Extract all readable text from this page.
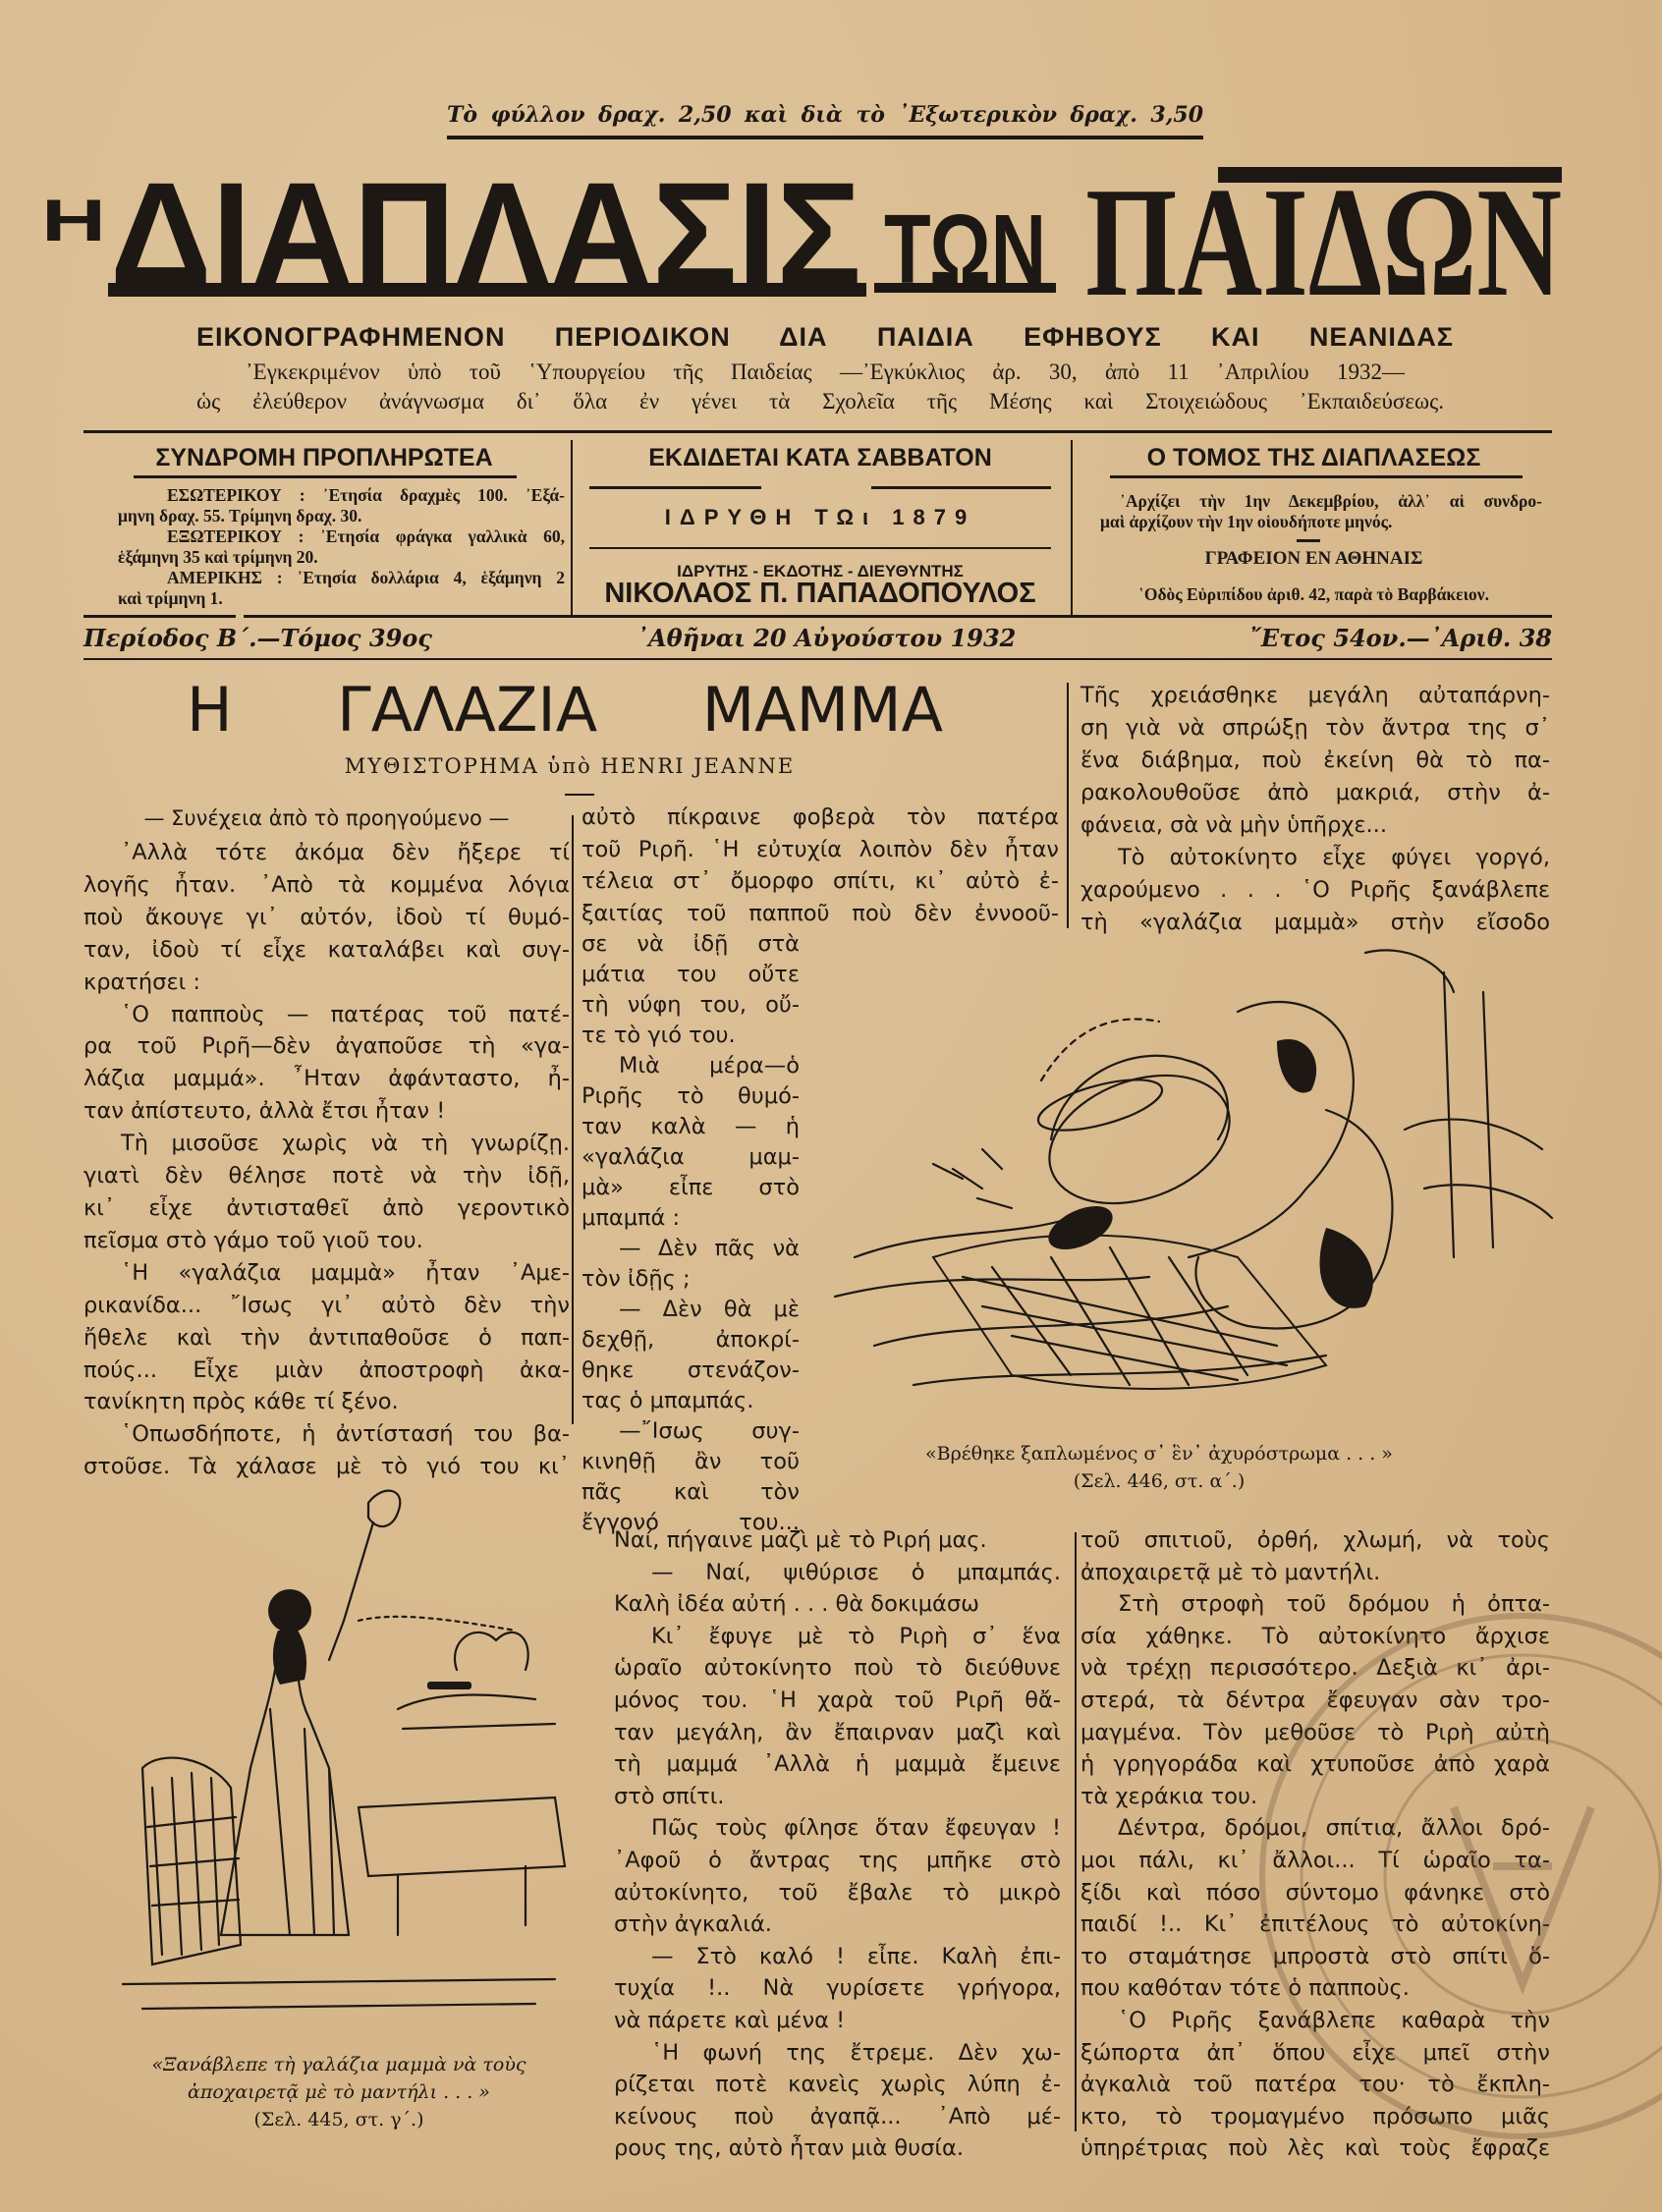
Τὸ φύλλον δραχ. 2,50 καὶ διὰ τὸ ᾿Εξωτερικὸν δραχ. 3,50
Η ΔΙΑΠΛΑΣΙΣ ΤΩΝ ΠΑΙΔΩΝ
ΕΙΚΟΝΟΓΡΑΦΗΜΕΝΟΝ ΠΕΡΙΟΔΙΚΟΝ ΔΙΑ ΠΑΙΔΙΑ ΕΦΗΒΟΥΣ ΚΑΙ ΝΕΑΝΙΔΑΣ
᾿Εγκεκριμένον ὑπὸ τοῦ ῾Υπουργείου τῆς Παιδείας —᾿Εγκύκλιος ἀρ. 30, ἀπὸ 11 ᾿Απριλίου 1932—
ὡς ἐλεύθερον ἀνάγνωσμα δι᾿ ὅλα ἐν γένει τὰ Σχολεῖα τῆς Μέσης καὶ Στοιχειώδους ᾿Εκπαιδεύσεως.
ΣΥΝΔΡΟΜΗ ΠΡΟΠΛΗΡΩΤΕΑ
ΕΣΩΤΕΡΙΚΟΥ : ᾿Ετησία δραχμὲς 100. ᾿Εξά-
μηνη δραχ. 55. Τρίμηνη δραχ. 30.
ΕΞΩΤΕΡΙΚΟΥ : ᾿Ετησία φράγκα γαλλικὰ 60,
ἑξάμηνη 35 καὶ τρίμηνη 20.
ΑΜΕΡΙΚΗΣ : ᾿Ετησία δολλάρια 4, ἑξάμηνη 2
καὶ τρίμηνη 1.
ΕΚΔΙΔΕΤΑΙ ΚΑΤΑ ΣΑΒΒΑΤΟΝ
ΙΔΡΥΘΗ ΤΩι 1879
ΙΔΡΥΤΗΣ - ΕΚΔΟΤΗΣ - ΔΙΕΥΘΥΝΤΗΣ
ΝΙΚΟΛΑΟΣ Π. ΠΑΠΑΔΟΠΟΥΛΟΣ
Ο ΤΟΜΟΣ ΤΗΣ ΔΙΑΠΛΑΣΕΩΣ
᾿Αρχίζει τὴν 1ην Δεκεμβρίου, ἀλλ᾿ αἱ συνδρο-
μαὶ ἀρχίζουν τὴν 1ην οἱουδήποτε μηνός.
ΓΡΑΦΕΙΟΝ ΕΝ ΑΘΗΝΑΙΣ
῾Οδὸς Εὐριπίδου ἀριθ. 42, παρὰ τὸ Βαρβάκειον.
Περίοδος Β΄.—Τόμος 39ος	᾿Αθῆναι 20 Αὐγούστου 1932	῎Ετος 54ον.—᾿Αριθ. 38
Η ΓΑΛΑΖΙΑ ΜΑΜΜΑ
ΜΥΘΙΣΤΟΡΗΜΑ ὑπὸ HENRI JEANNE
— Συνέχεια ἀπὸ τὸ προηγούμενο —
᾿Αλλὰ τότε ἀκόμα δὲν ἤξερε τί
λογῆς ἦταν. ᾿Απὸ τὰ κομμένα λόγια
ποὺ ἄκουγε γι᾿ αὐτόν, ἰδοὺ τί θυμό-
ταν, ἰδοὺ τί εἶχε καταλάβει καὶ συγ-
κρατήσει :
῾Ο παπποὺς — πατέρας τοῦ πατέ-
ρα τοῦ Ριρῆ—δὲν ἀγαποῦσε τὴ «γα-
λάζια μαμμά». ῏Ηταν ἀφάνταστο, ἦ-
ταν ἀπίστευτο, ἀλλὰ ἔτσι ἦταν !
Τὴ μισοῦσε χωρὶς νὰ τὴ γνωρίζῃ.
γιατὶ δὲν θέλησε ποτὲ νὰ τὴν ἰδῇ,
κι᾿ εἶχε ἀντισταθεῖ ἀπὸ γεροντικὸ
πεῖσμα στὸ γάμο τοῦ γιοῦ του.
῾Η «γαλάζια μαμμὰ» ἦταν ᾿Αμε-
ρικανίδα... ῎Ισως γι᾿ αὐτὸ δὲν τὴν
ἤθελε καὶ τὴν ἀντιπαθοῦσε ὁ παπ-
πούς... Εἶχε μιὰν ἀποστροφὴ ἀκα-
τανίκητη πρὸς κάθε τί ξένο.
῾Οπωσδήποτε, ἡ ἀντίστασή του βα-
στοῦσε. Τὰ χάλασε μὲ τὸ γιό του κι᾿
αὐτὸ πίκραινε φοβερὰ τὸν πατέρα
τοῦ Ριρῆ. ῾Η εὐτυχία λοιπὸν δὲν ἦταν
τέλεια στ᾿ ὄμορφο σπίτι, κι᾿ αὐτὸ ἐ-
ξαιτίας τοῦ παπποῦ ποὺ δὲν ἐννοοῦ-
σε νὰ ἰδῇ στὰ
μάτια του οὔτε
τὴ νύφη του, οὔ-
τε τὸ γιό του.
Μιὰ μέρα—ὁ
Ριρῆς τὸ θυμό-
ταν καλὰ — ἡ
«γαλάζια μαμ-
μὰ» εἶπε στὸ
μπαμπά :
— Δὲν πᾶς νὰ
τὸν ἰδῇς ;
— Δὲν θὰ μὲ
δεχθῇ, ἀποκρί-
θηκε στενάζον-
τας ὁ μπαμπάς.
—῎Ισως συγ-
κινηθῇ ἂν τοῦ
πᾶς καὶ τὸν
ἔγγονό του...
Ναί, πήγαινε μαζὶ μὲ τὸ Ριρή μας.
— Ναί, ψιθύρισε ὁ μπαμπάς.
Καλὴ ἰδέα αὐτή . . . θὰ δοκιμάσω
Κι᾿ ἔφυγε μὲ τὸ Ριρὴ σ᾿ ἕνα
ὡραῖο αὐτοκίνητο ποὺ τὸ διεύθυνε
μόνος του. ῾Η χαρὰ τοῦ Ριρῆ θἄ-
ταν μεγάλη, ἂν ἔπαιρναν μαζὶ καὶ
τὴ μαμμά ᾿Αλλὰ ἡ μαμμὰ ἔμεινε
στὸ σπίτι.
Πῶς τοὺς φίλησε ὅταν ἔφευγαν !
᾿Αφοῦ ὁ ἄντρας της μπῆκε στὸ
αὐτοκίνητο, τοῦ ἔβαλε τὸ μικρὸ
στὴν ἀγκαλιά.
— Στὸ καλό ! εἶπε. Καλὴ ἐπι-
τυχία !.. Νὰ γυρίσετε γρήγορα,
νὰ πάρετε καὶ μένα !
῾Η φωνή της ἔτρεμε. Δὲν χω-
ρίζεται ποτὲ κανεὶς χωρὶς λύπη ἐ-
κείνους ποὺ ἀγαπᾷ... ᾿Απὸ μέ-
ρους της, αὐτὸ ἦταν μιὰ θυσία.
Τῆς χρειάσθηκε μεγάλη αὐταπάρνη-
ση γιὰ νὰ σπρώξῃ τὸν ἄντρα της σ᾿
ἕνα διάβημα, ποὺ ἐκείνη θὰ τὸ πα-
ρακολουθοῦσε ἀπὸ μακριά, στὴν ἀ-
φάνεια, σὰ νὰ μὴν ὑπῆρχε...
Τὸ αὐτοκίνητο εἶχε φύγει γοργό,
χαρούμενο . . . ῾Ο Ριρῆς ξανάβλεπε
τὴ «γαλάζια μαμμὰ» στὴν εἴσοδο
τοῦ σπιτιοῦ, ὀρθή, χλωμή, νὰ τοὺς
ἀποχαιρετᾷ μὲ τὸ μαντήλι.
Στὴ στροφὴ τοῦ δρόμου ἡ ὀπτα-
σία χάθηκε. Τὸ αὐτοκίνητο ἄρχισε
νὰ τρέχῃ περισσότερο. Δεξιὰ κι᾿ ἀρι-
στερά, τὰ δέντρα ἔφευγαν σὰν τρο-
μαγμένα. Τὸν μεθοῦσε τὸ Ριρὴ αὐτὴ
ἡ γρηγοράδα καὶ χτυποῦσε ἀπὸ χαρὰ
τὰ χεράκια του.
Δέντρα, δρόμοι, σπίτια, ἄλλοι δρό-
μοι πάλι, κι᾿ ἄλλοι... Τί ὡραῖο τα-
ξίδι καὶ πόσο σύντομο φάνηκε στὸ
παιδί !.. Κι᾿ ἐπιτέλους τὸ αὐτοκίνη-
το σταμάτησε μπροστὰ στὸ σπίτι ὅ-
που καθόταν τότε ὁ παπποὺς.
῾Ο Ριρῆς ξανάβλεπε καθαρὰ τὴν
ξώπορτα ἀπ᾿ ὅπου εἶχε μπεῖ στὴν
ἀγκαλιὰ τοῦ πατέρα του· τὸ ἔκπλη-
κτο, τὸ τρομαγμένο πρόσωπο μιᾶς
ὑπηρέτριας ποὺ λὲς καὶ τοὺς ἔφραζε
«Βρέθηκε ξαπλωμένος σ᾿ ἓν᾿ ἀχυρόστρωμα . . . »
(Σελ. 446, στ. α΄.)
«Ξανάβλεπε τὴ γαλάζια μαμμὰ νὰ τοὺς
ἀποχαιρετᾷ μὲ τὸ μαντήλι . . . »
(Σελ. 445, στ. γ΄.)
